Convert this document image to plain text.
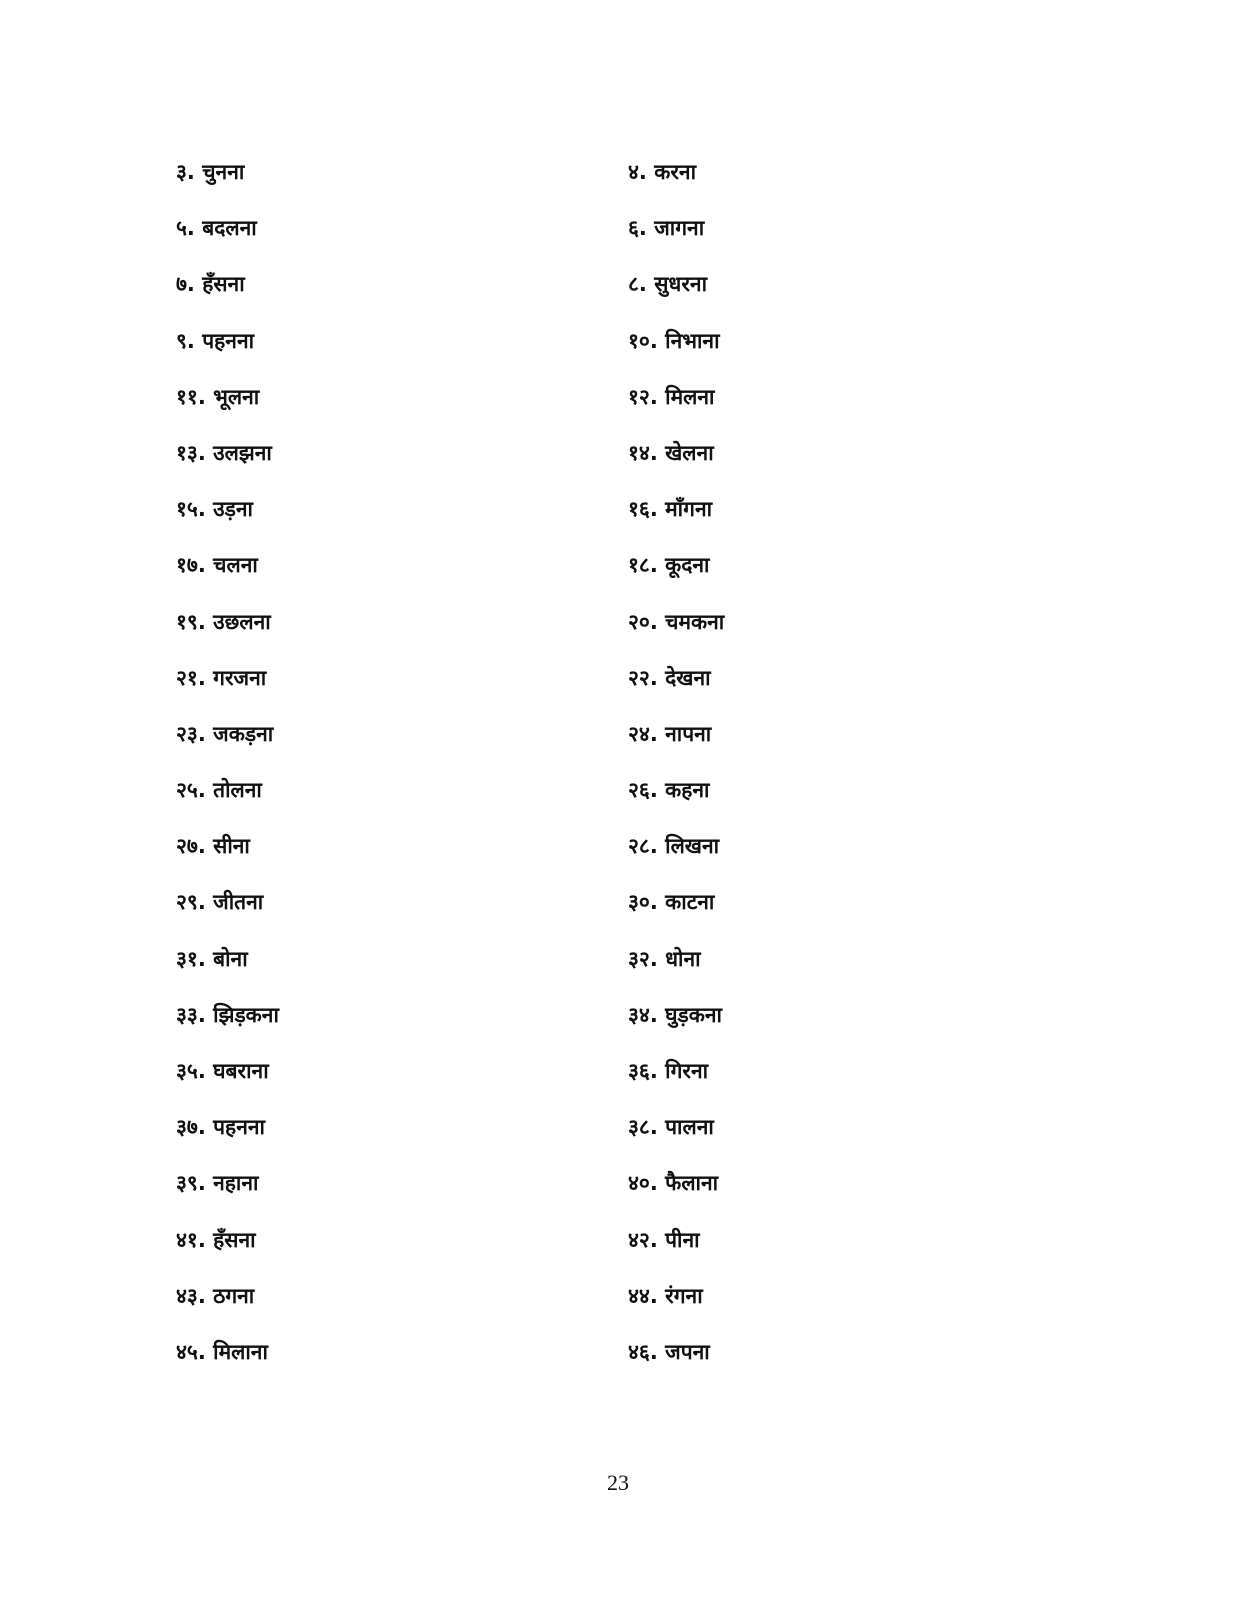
३. चुनना	४. करना
५. बदलना	६. जागना
७. हँसना	८. सुधरना
९. पहनना	१०. निभाना
११. भूलना	१२. मिलना
१३. उलझना	१४. खेलना
१५. उड़ना	१६. माँगना
१७. चलना	१८. कूदना
१९. उछलना	२०. चमकना
२१. गरजना	२२. देखना
२३. जकड़ना	२४. नापना
२५. तोलना	२६. कहना
२७. सीना	२८. लिखना
२९. जीतना	३०. काटना
३१. बोना	३२. धोना
३३. झिड़कना	३४. घुड़कना
३५. घबराना	३६. गिरना
३७. पहनना	३८. पालना
३९. नहाना	४०. फैलाना
४१. हँसना	४२. पीना
४३. ठगना	४४. रंगना
४५. मिलाना	४६. जपना
23
